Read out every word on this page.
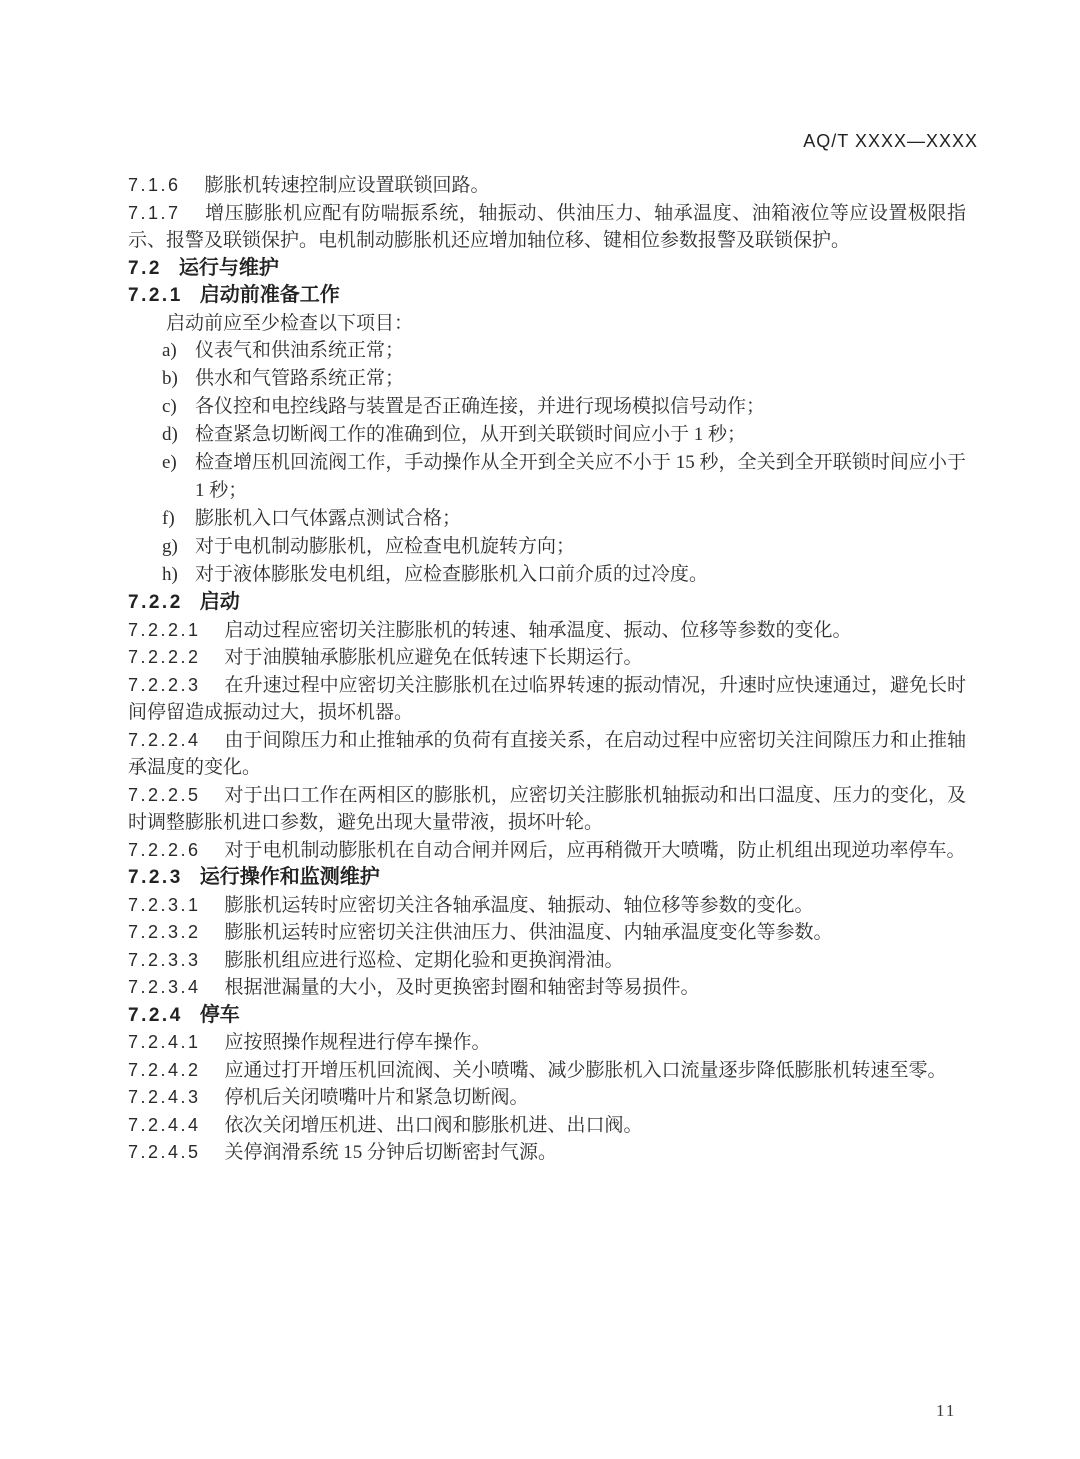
AQ/T XXXX—XXXX

7.1.6 膨胀机转速控制应设置联锁回路。

7.1.7 增压膨胀机应配有防喘振系统，轴振动、供油压力、轴承温度、油箱液位等应设置极限指示、报警及联锁保护。电机制动膨胀机还应增加轴位移、键相位参数报警及联锁保护。

7.2 运行与维护

7.2.1 启动前准备工作

启动前应至少检查以下项目：

a) 仪表气和供油系统正常；
b) 供水和气管路系统正常；
c) 各仪控和电控线路与装置是否正确连接，并进行现场模拟信号动作；
d) 检查紧急切断阀工作的准确到位，从开到关联锁时间应小于 1 秒；
e) 检查增压机回流阀工作，手动操作从全开到全关应不小于 15 秒，全关到全开联锁时间应小于 1 秒；
f)	膨胀机入口气体露点测试合格；
g) 对于电机制动膨胀机，应检查电机旋转方向；
h) 对于液体膨胀发电机组，应检查膨胀机入口前介质的过冷度。

7.2.2 启动

7.2.2.1 启动过程应密切关注膨胀机的转速、轴承温度、振动、位移等参数的变化。

7.2.2.2 对于油膜轴承膨胀机应避免在低转速下长期运行。

7.2.2.3 在升速过程中应密切关注膨胀机在过临界转速的振动情况，升速时应快速通过，避免长时间停留造成振动过大，损坏机器。

7.2.2.4 由于间隙压力和止推轴承的负荷有直接关系，在启动过程中应密切关注间隙压力和止推轴承温度的变化。

7.2.2.5 对于出口工作在两相区的膨胀机，应密切关注膨胀机轴振动和出口温度、压力的变化，及时调整膨胀机进口参数，避免出现大量带液，损坏叶轮。

7.2.2.6 对于电机制动膨胀机在自动合闸并网后，应再稍微开大喷嘴，防止机组出现逆功率停车。

7.2.3 运行操作和监测维护

7.2.3.1 膨胀机运转时应密切关注各轴承温度、轴振动、轴位移等参数的变化。

7.2.3.2 膨胀机运转时应密切关注供油压力、供油温度、内轴承温度变化等参数。

7.2.3.3 膨胀机组应进行巡检、定期化验和更换润滑油。

7.2.3.4 根据泄漏量的大小，及时更换密封圈和轴密封等易损件。

7.2.4 停车

7.2.4.1 应按照操作规程进行停车操作。

7.2.4.2 应通过打开增压机回流阀、关小喷嘴、减少膨胀机入口流量逐步降低膨胀机转速至零。

7.2.4.3 停机后关闭喷嘴叶片和紧急切断阀。

7.2.4.4 依次关闭增压机进、出口阀和膨胀机进、出口阀。

7.2.4.5 关停润滑系统 15 分钟后切断密封气源。

11
